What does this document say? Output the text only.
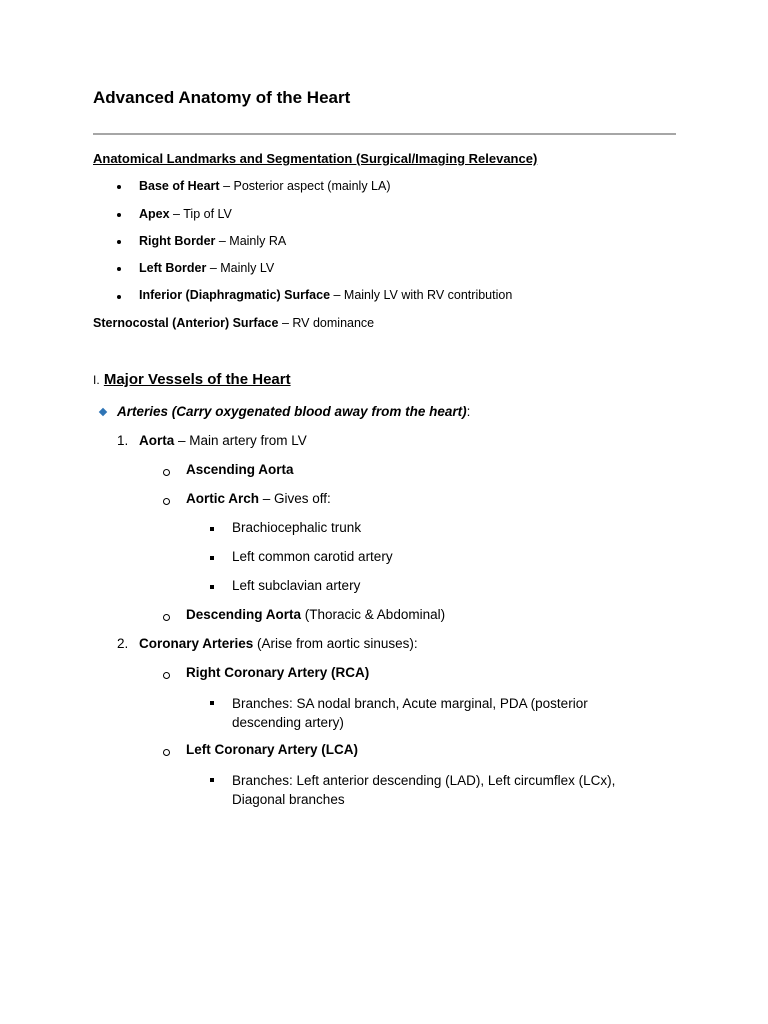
Advanced Anatomy of the Heart
Anatomical Landmarks and Segmentation (Surgical/Imaging Relevance)
Base of Heart – Posterior aspect (mainly LA)
Apex – Tip of LV
Right Border – Mainly RA
Left Border – Mainly LV
Inferior (Diaphragmatic) Surface – Mainly LV with RV contribution
Sternocostal (Anterior) Surface – RV dominance
I. Major Vessels of the Heart
Arteries (Carry oxygenated blood away from the heart):
1. Aorta – Main artery from LV
Ascending Aorta
Aortic Arch – Gives off:
Brachiocephalic trunk
Left common carotid artery
Left subclavian artery
Descending Aorta (Thoracic & Abdominal)
2. Coronary Arteries (Arise from aortic sinuses):
Right Coronary Artery (RCA)
Branches: SA nodal branch, Acute marginal, PDA (posterior descending artery)
Left Coronary Artery (LCA)
Branches: Left anterior descending (LAD), Left circumflex (LCx), Diagonal branches
